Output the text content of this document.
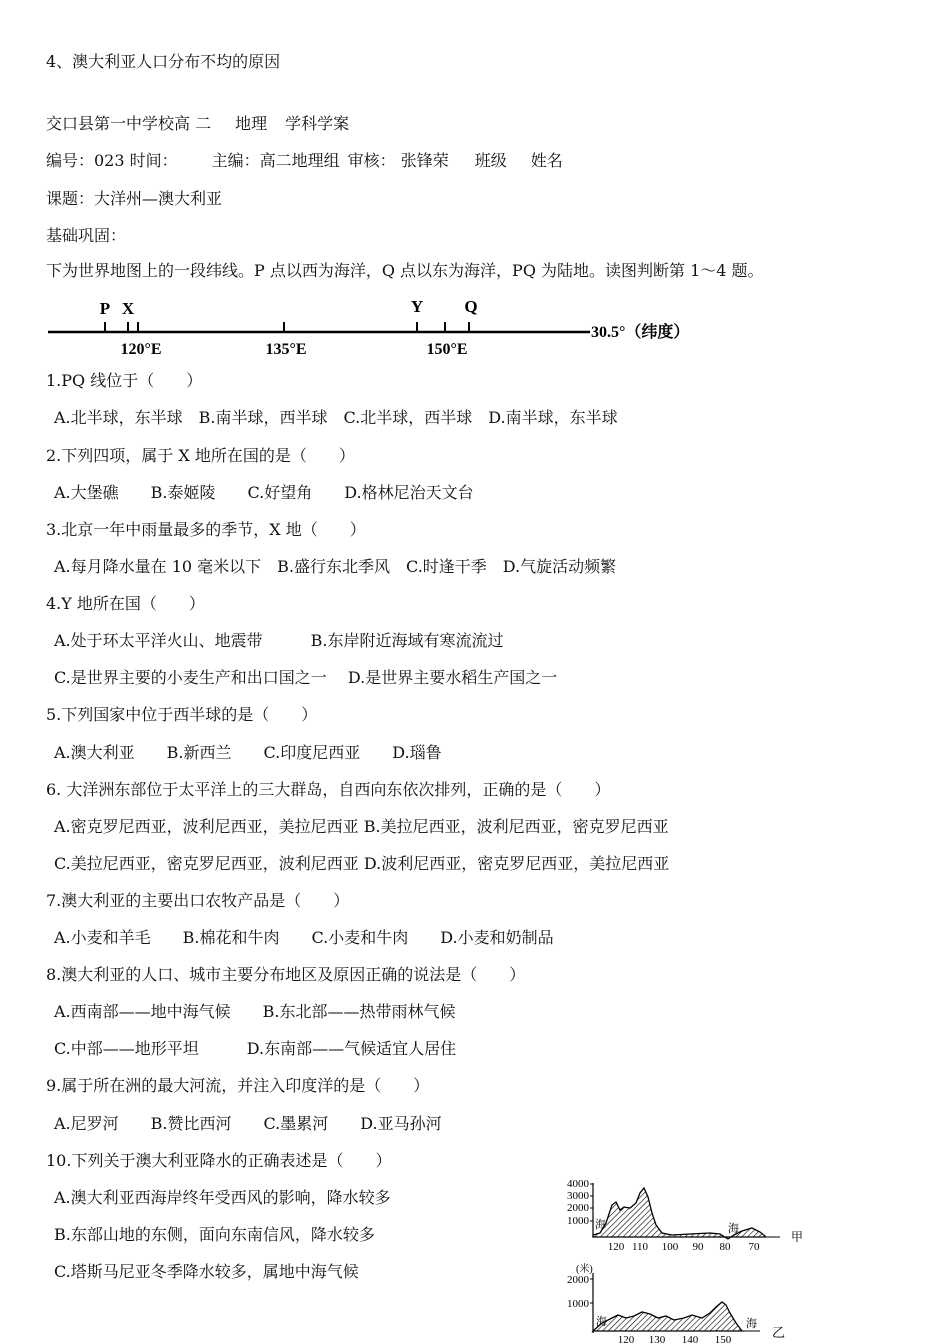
4、澳大利亚人口分布不均的原因
交口县第一中学校高 二 地理 学科学案
编号：023 时间： 主编：高二地理组 审核： 张锋荣 班级 姓名
课题：大洋州—澳大利亚
基础巩固：
下为世界地图上的一段纬线。P 点以西为海洋，Q 点以东为海洋，PQ 为陆地。读图判断第 1～4 题。
P X	Y Q
120°E	135°E	150°E
30.5°（纬度）
1.PQ 线位于（　　）
A.北半球，东半球　B.南半球，西半球　C.北半球，西半球　D.南半球，东半球
2.下列四项，属于 X 地所在国的是（　　）
A.大堡礁　　B.泰姬陵　　C.好望角　　D.格林尼治天文台
3.北京一年中雨量最多的季节，X 地（　　）
A.每月降水量在 10 毫米以下　B.盛行东北季风　C.时逢干季　D.气旋活动频繁
4.Y 地所在国（　　）
A.处于环太平洋火山、地震带　　　B.东岸附近海域有寒流流过
C.是世界主要的小麦生产和出口国之一　 D.是世界主要水稻生产国之一
5.下列国家中位于西半球的是（　　）
A.澳大利亚　　B.新西兰　　C.印度尼西亚　　D.瑙鲁
6. 大洋洲东部位于太平洋上的三大群岛，自西向东依次排列，正确的是（　　）
A.密克罗尼西亚，波利尼西亚，美拉尼西亚 B.美拉尼西亚，波利尼西亚，密克罗尼西亚
C.美拉尼西亚，密克罗尼西亚，波利尼西亚 D.波利尼西亚，密克罗尼西亚，美拉尼西亚
7.澳大利亚的主要出口农牧产品是（　　）
A.小麦和羊毛　　B.棉花和牛肉　　C.小麦和牛肉　　D.小麦和奶制品
8.澳大利亚的人口、城市主要分布地区及原因正确的说法是（　　）
A.西南部——地中海气候　　B.东北部——热带雨林气候
C.中部——地形平坦　　　D.东南部——气候适宜人居住
9.属于所在洲的最大河流，并注入印度洋的是（　　）
A.尼罗河　　B.赞比西河　　C.墨累河　　D.亚马孙河
10.下列关于澳大利亚降水的正确表述是（　　）
A.澳大利亚西海岸终年受西风的影响，降水较多
B.东部山地的东侧，面向东南信风，降水较多
C.塔斯马尼亚冬季降水较多，属地中海气候
4000
3000
2000
1000 海	海
甲
120 110 100 90 80 70
(米)
2000
1000
海	海
乙
120 130 140 150
